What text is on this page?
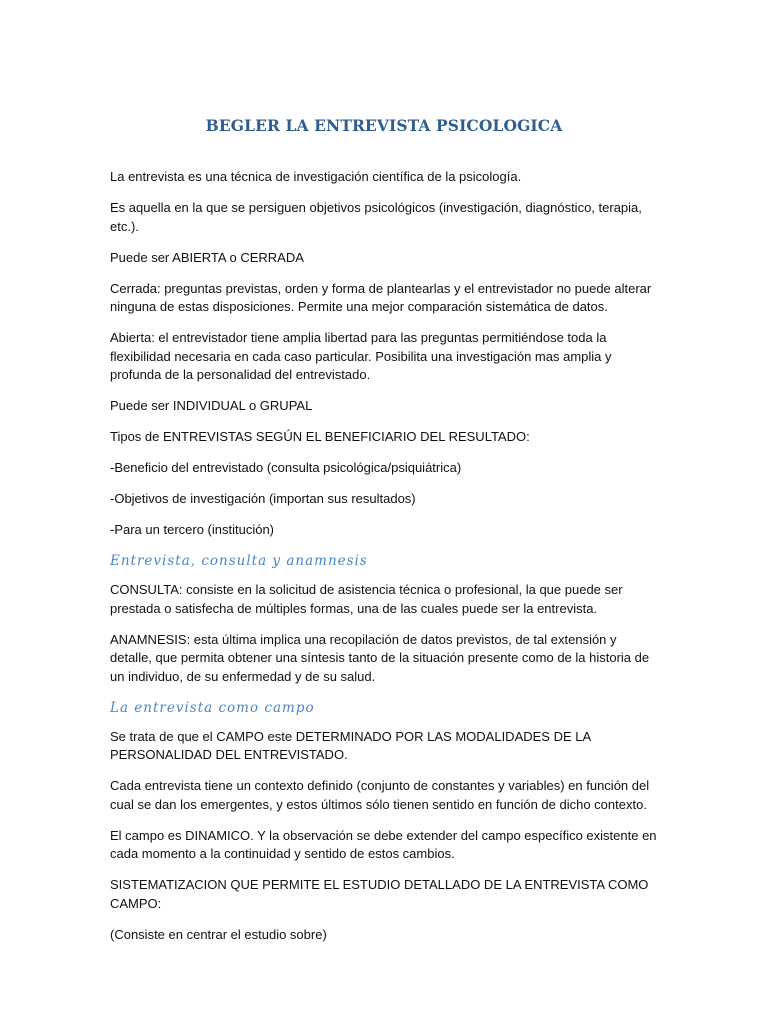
BEGLER LA ENTREVISTA PSICOLOGICA

La entrevista es una técnica de investigación científica de la psicología.

Es aquella en la que se persiguen objetivos psicológicos (investigación, diagnóstico, terapia, etc.).

Puede ser ABIERTA o CERRADA

Cerrada: preguntas previstas, orden y forma de plantearlas y el entrevistador no puede alterar ninguna de estas disposiciones. Permite una mejor comparación sistemática de datos.

Abierta: el entrevistador tiene amplia libertad para las preguntas permitiéndose toda la flexibilidad necesaria en cada caso particular. Posibilita una investigación mas amplia y profunda de la personalidad del entrevistado.

Puede ser INDIVIDUAL o GRUPAL

Tipos de ENTREVISTAS SEGÚN EL BENEFICIARIO DEL RESULTADO:

-Beneficio del entrevistado (consulta psicológica/psiquiátrica)

-Objetivos de investigación (importan sus resultados)

-Para un tercero (institución)

Entrevista, consulta y anamnesis

CONSULTA: consiste en la solicitud de asistencia técnica o profesional, la que puede ser prestada o satisfecha de múltiples formas, una de las cuales puede ser la entrevista.

ANAMNESIS: esta última implica una recopilación de datos previstos, de tal extensión y detalle, que permita obtener una síntesis tanto de la situación presente como de la historia de un individuo, de su enfermedad y de su salud.

La entrevista como campo

Se trata de que el CAMPO este DETERMINADO POR LAS MODALIDADES DE LA PERSONALIDAD DEL ENTREVISTADO.

Cada entrevista tiene un contexto definido (conjunto de constantes y variables) en función del cual se dan los emergentes, y estos últimos sólo tienen sentido en función de dicho contexto.

El campo es DINAMICO. Y la observación se debe extender del campo específico existente en cada momento a la continuidad y sentido de estos cambios.

SISTEMATIZACION QUE PERMITE EL ESTUDIO DETALLADO DE LA ENTREVISTA COMO CAMPO:

(Consiste en centrar el estudio sobre)
